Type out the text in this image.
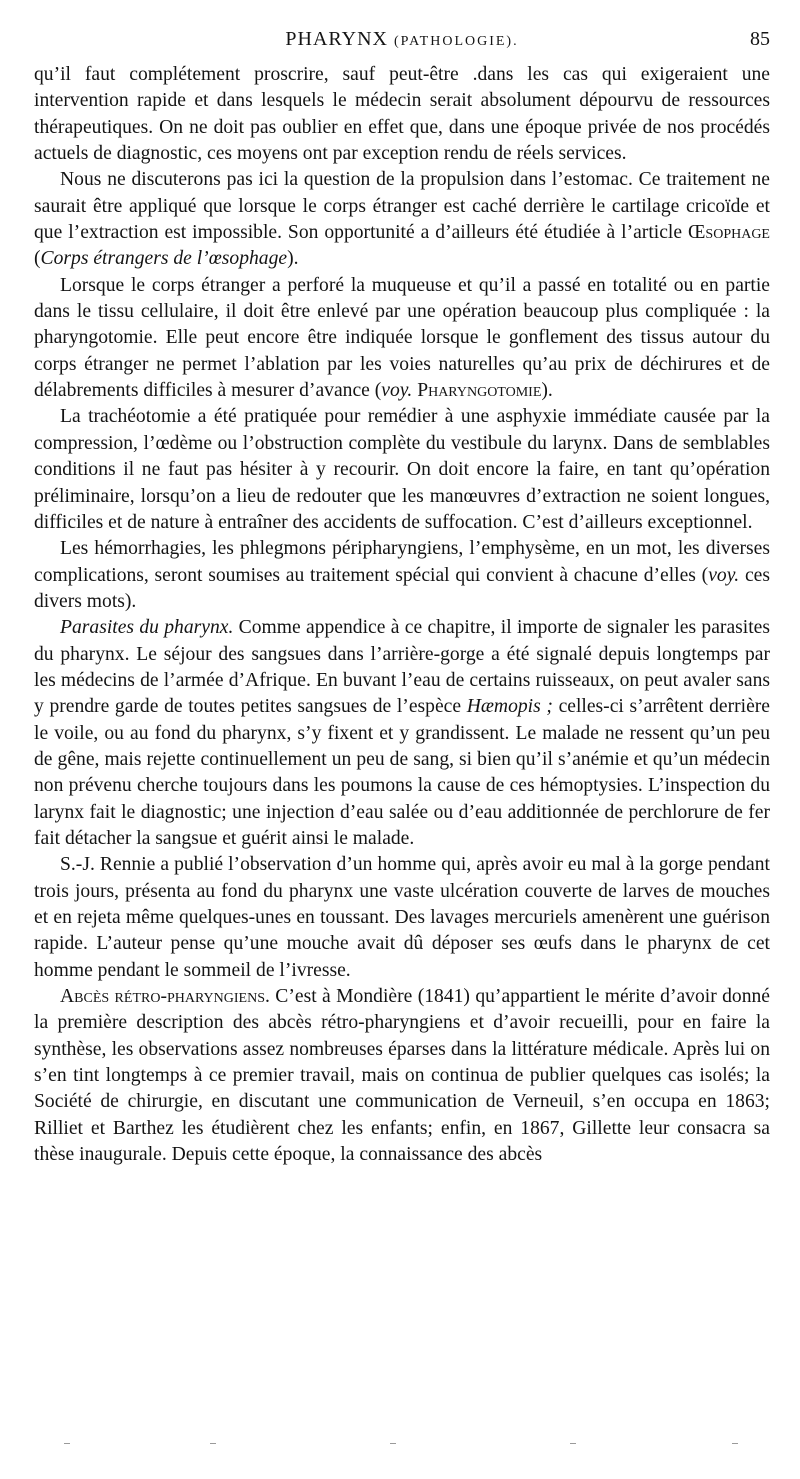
PHARYNX (PATHOLOGIE).	85

qu’il faut complétement proscrire, sauf peut-être .dans les cas qui exigeraient une intervention rapide et dans lesquels le médecin serait absolument dépourvu de ressources thérapeutiques. On ne doit pas oublier en effet que, dans une époque privée de nos procédés actuels de diagnostic, ces moyens ont par exception rendu de réels services.

Nous ne discuterons pas ici la question de la propulsion dans l’estomac. Ce traitement ne saurait être appliqué que lorsque le corps étranger est caché derrière le cartilage cricoïde et que l’extraction est impossible. Son opportunité a d’ailleurs été étudiée à l’article Œsophage (Corps étrangers de l’œsophage).

Lorsque le corps étranger a perforé la muqueuse et qu’il a passé en totalité ou en partie dans le tissu cellulaire, il doit être enlevé par une opération beaucoup plus compliquée : la pharyngotomie. Elle peut encore être indiquée lorsque le gonflement des tissus autour du corps étranger ne permet l’ablation par les voies naturelles qu’au prix de déchirures et de délabrements difficiles à mesurer d’avance (voy. Pharyngotomie).

La trachéotomie a été pratiquée pour remédier à une asphyxie immédiate causée par la compression, l’œdème ou l’obstruction complète du vestibule du larynx. Dans de semblables conditions il ne faut pas hésiter à y recourir. On doit encore la faire, en tant qu’opération préliminaire, lorsqu’on a lieu de redouter que les manœuvres d’extraction ne soient longues, difficiles et de nature à entraîner des accidents de suffocation. C’est d’ailleurs exceptionnel.

Les hémorrhagies, les phlegmons péripharyngiens, l’emphysème, en un mot, les diverses complications, seront soumises au traitement spécial qui convient à chacune d’elles (voy. ces divers mots).

Parasites du pharynx. Comme appendice à ce chapitre, il importe de signaler les parasites du pharynx. Le séjour des sangsues dans l’arrière-gorge a été signalé depuis longtemps par les médecins de l’armée d’Afrique. En buvant l’eau de certains ruisseaux, on peut avaler sans y prendre garde de toutes petites sangsues de l’espèce Hæmopis ; celles-ci s’arrêtent derrière le voile, ou au fond du pharynx, s’y fixent et y grandissent. Le malade ne ressent qu’un peu de gêne, mais rejette continuellement un peu de sang, si bien qu’il s’anémie et qu’un médecin non prévenu cherche toujours dans les poumons la cause de ces hémoptysies. L’inspection du larynx fait le diagnostic; une injection d’eau salée ou d’eau additionnée de perchlorure de fer fait détacher la sangsue et guérit ainsi le malade.

S.-J. Rennie a publié l’observation d’un homme qui, après avoir eu mal à la gorge pendant trois jours, présenta au fond du pharynx une vaste ulcération couverte de larves de mouches et en rejeta même quelques-unes en toussant. Des lavages mercuriels amenèrent une guérison rapide. L’auteur pense qu’une mouche avait dû déposer ses œufs dans le pharynx de cet homme pendant le sommeil de l’ivresse.

Abcès rétro-pharyngiens. C’est à Mondière (1841) qu’appartient le mérite d’avoir donné la première description des abcès rétro-pharyngiens et d’avoir recueilli, pour en faire la synthèse, les observations assez nombreuses éparses dans la littérature médicale. Après lui on s’en tint longtemps à ce premier travail, mais on continua de publier quelques cas isolés; la Société de chirurgie, en discutant une communication de Verneuil, s’en occupa en 1863; Rilliet et Barthez les étudièrent chez les enfants; enfin, en 1867, Gillette leur consacra sa thèse inaugurale. Depuis cette époque, la connaissance des abcès
